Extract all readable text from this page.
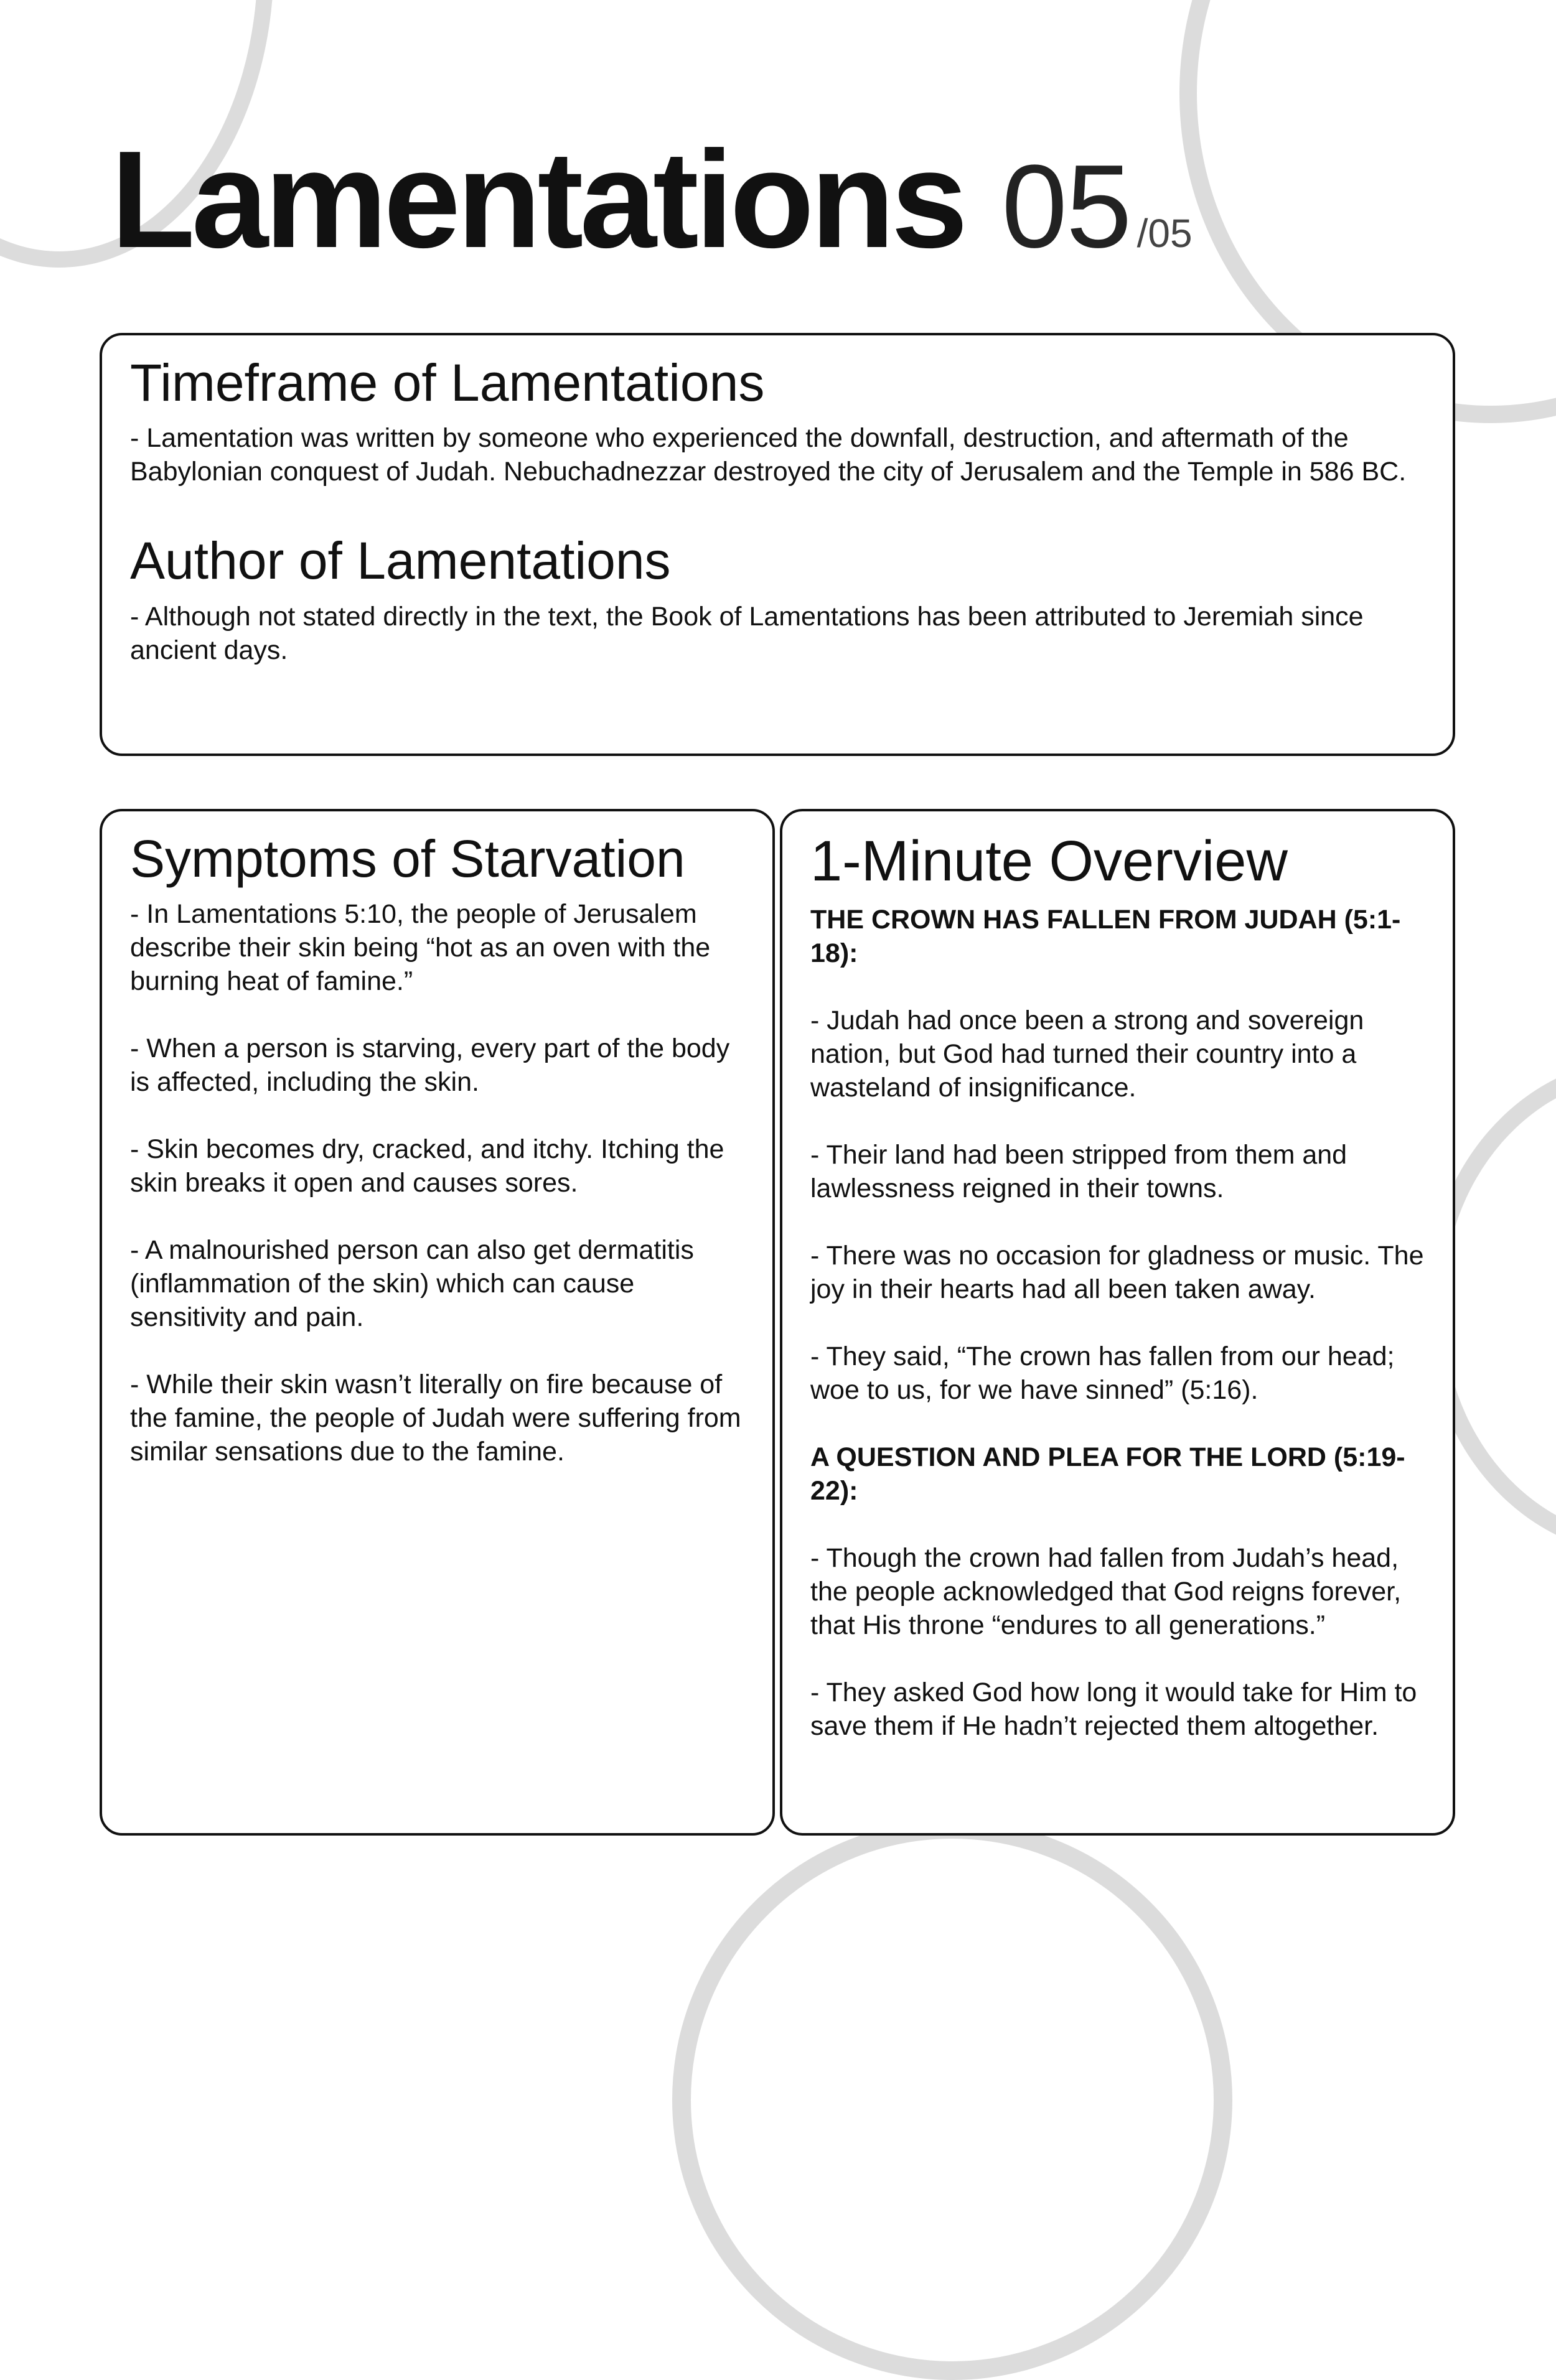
Lamentations 05 /05
Timeframe of Lamentations

- Lamentation was written by someone who experienced the downfall, destruction, and aftermath of the Babylonian conquest of Judah. Nebuchadnezzar destroyed the city of Jerusalem and the Temple in 586 BC.

Author of Lamentations

- Although not stated directly in the text, the Book of Lamentations has been attributed to Jeremiah since ancient days.

Symptoms of Starvation

- In Lamentations 5:10, the people of Jerusalem describe their skin being “hot as an oven with the burning heat of famine.”

- When a person is starving, every part of the body is affected, including the skin.

- Skin becomes dry, cracked, and itchy. Itching the skin breaks it open and causes sores.

- A malnourished person can also get dermatitis (inflammation of the skin) which can cause sensitivity and pain.

- While their skin wasn’t literally on fire because of the famine, the people of Judah were suffering from similar sensations due to the famine.

1-Minute Overview

THE CROWN HAS FALLEN FROM JUDAH (5:1-18):

- Judah had once been a strong and sovereign nation, but God had turned their country into a wasteland of insignificance.

- Their land had been stripped from them and lawlessness reigned in their towns.

- There was no occasion for gladness or music. The joy in their hearts had all been taken away.

- They said, “The crown has fallen from our head; woe to us, for we have sinned” (5:16).

A QUESTION AND PLEA FOR THE LORD (5:19-22):

- Though the crown had fallen from Judah’s head, the people acknowledged that God reigns forever, that His throne “endures to all generations.”

- They asked God how long it would take for Him to save them if He hadn’t rejected them altogether.
